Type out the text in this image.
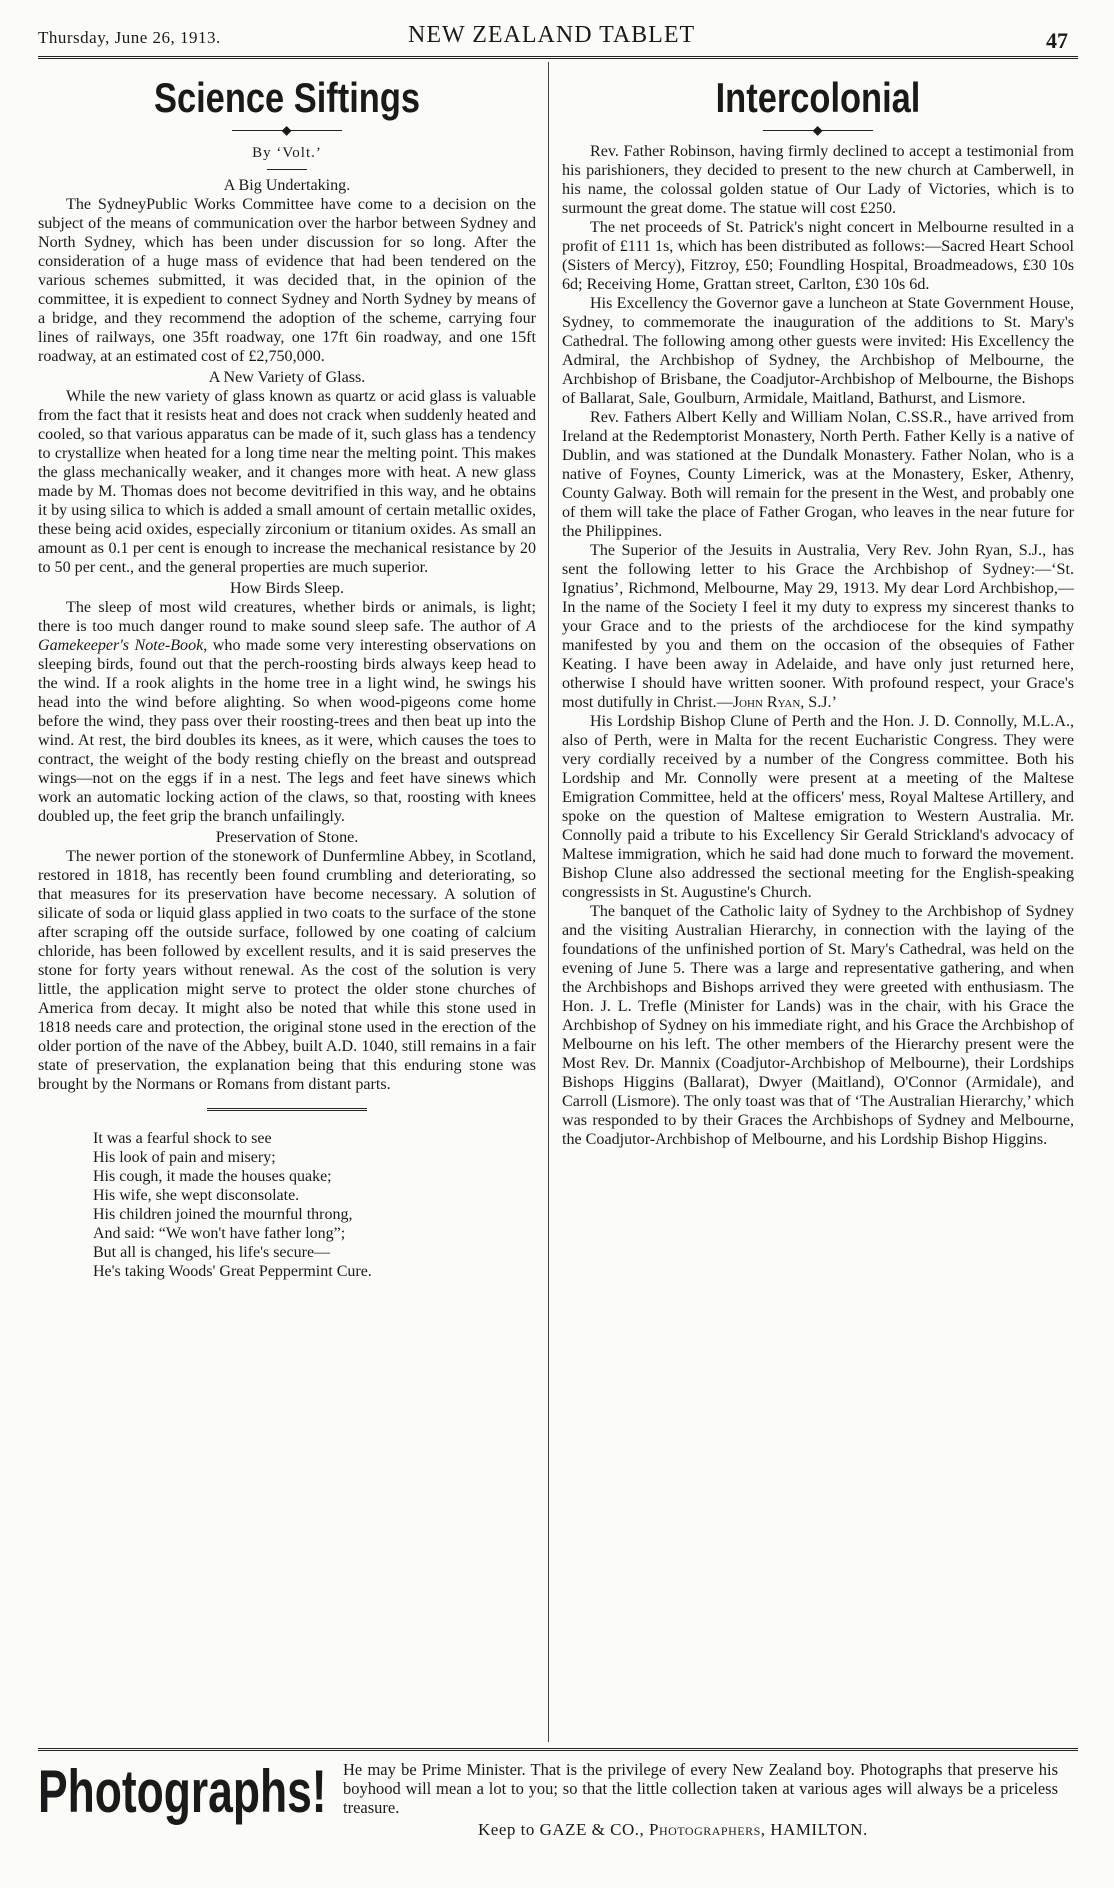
Thursday, June 26, 1913.	NEW ZEALAND TABLET	47
Science Siftings
◆
By ‘Volt.’
A Big Undertaking.

The SydneyPublic Works Committee have come to a decision on the subject of the means of communication over the harbor between Sydney and North Sydney, which has been under discussion for so long. After the consideration of a huge mass of evidence that had been tendered on the various schemes submitted, it was decided that, in the opinion of the committee, it is expedient to connect Sydney and North Sydney by means of a bridge, and they recommend the adoption of the scheme, carrying four lines of railways, one 35ft roadway, one 17ft 6in roadway, and one 15ft roadway, at an estimated cost of £2,750,000.

A New Variety of Glass.

While the new variety of glass known as quartz or acid glass is valuable from the fact that it resists heat and does not crack when suddenly heated and cooled, so that various apparatus can be made of it, such glass has a tendency to crystallize when heated for a long time near the melting point. This makes the glass mechanically weaker, and it changes more with heat. A new glass made by M. Thomas does not become devitrified in this way, and he obtains it by using silica to which is added a small amount of certain metallic oxides, these being acid oxides, especially zirconium or titanium oxides. As small an amount as 0.1 per cent is enough to increase the mechanical resistance by 20 to 50 per cent., and the general properties are much superior.

How Birds Sleep.

The sleep of most wild creatures, whether birds or animals, is light; there is too much danger round to make sound sleep safe. The author of A Gamekeeper's Note-Book, who made some very interesting observations on sleeping birds, found out that the perch-roosting birds always keep head to the wind. If a rook alights in the home tree in a light wind, he swings his head into the wind before alighting. So when wood-pigeons come home before the wind, they pass over their roosting-trees and then beat up into the wind. At rest, the bird doubles its knees, as it were, which causes the toes to contract, the weight of the body resting chiefly on the breast and outspread wings—not on the eggs if in a nest. The legs and feet have sinews which work an automatic locking action of the claws, so that, roosting with knees doubled up, the feet grip the branch unfailingly.

Preservation of Stone.

The newer portion of the stonework of Dunfermline Abbey, in Scotland, restored in 1818, has recently been found crumbling and deteriorating, so that measures for its preservation have become necessary. A solution of silicate of soda or liquid glass applied in two coats to the surface of the stone after scraping off the outside surface, followed by one coating of calcium chloride, has been followed by excellent results, and it is said preserves the stone for forty years without renewal. As the cost of the solution is very little, the application might serve to protect the older stone churches of America from decay. It might also be noted that while this stone used in 1818 needs care and protection, the original stone used in the erection of the older portion of the nave of the Abbey, built A.D. 1040, still remains in a fair state of preservation, the explanation being that this enduring stone was brought by the Normans or Romans from distant parts.

It was a fearful shock to see
His look of pain and misery;
His cough, it made the houses quake;
His wife, she wept disconsolate.
His children joined the mournful throng,
And said: “We won't have father long”;
But all is changed, his life's secure—
He's taking Woods' Great Peppermint Cure.
Intercolonial
◆

Rev. Father Robinson, having firmly declined to accept a testimonial from his parishioners, they decided to present to the new church at Camberwell, in his name, the colossal golden statue of Our Lady of Victories, which is to surmount the great dome. The statue will cost £250.

The net proceeds of St. Patrick's night concert in Melbourne resulted in a profit of £111 1s, which has been distributed as follows:—Sacred Heart School (Sisters of Mercy), Fitzroy, £50; Foundling Hospital, Broadmeadows, £30 10s 6d; Receiving Home, Grattan street, Carlton, £30 10s 6d.

His Excellency the Governor gave a luncheon at State Government House, Sydney, to commemorate the inauguration of the additions to St. Mary's Cathedral. The following among other guests were invited: His Excellency the Admiral, the Archbishop of Sydney, the Archbishop of Melbourne, the Archbishop of Brisbane, the Coadjutor-Archbishop of Melbourne, the Bishops of Ballarat, Sale, Goulburn, Armidale, Maitland, Bathurst, and Lismore.

Rev. Fathers Albert Kelly and William Nolan, C.SS.R., have arrived from Ireland at the Redemptorist Monastery, North Perth. Father Kelly is a native of Dublin, and was stationed at the Dundalk Monastery. Father Nolan, who is a native of Foynes, County Limerick, was at the Monastery, Esker, Athenry, County Galway. Both will remain for the present in the West, and probably one of them will take the place of Father Grogan, who leaves in the near future for the Philippines.

The Superior of the Jesuits in Australia, Very Rev. John Ryan, S.J., has sent the following letter to his Grace the Archbishop of Sydney:—‘St. Ignatius’, Richmond, Melbourne, May 29, 1913. My dear Lord Archbishop,—In the name of the Society I feel it my duty to express my sincerest thanks to your Grace and to the priests of the archdiocese for the kind sympathy manifested by you and them on the occasion of the obsequies of Father Keating. I have been away in Adelaide, and have only just returned here, otherwise I should have written sooner. With profound respect, your Grace's most dutifully in Christ.—John Ryan, S.J.’

His Lordship Bishop Clune of Perth and the Hon. J. D. Connolly, M.L.A., also of Perth, were in Malta for the recent Eucharistic Congress. They were very cordially received by a number of the Congress committee. Both his Lordship and Mr. Connolly were present at a meeting of the Maltese Emigration Committee, held at the officers' mess, Royal Maltese Artillery, and spoke on the question of Maltese emigration to Western Australia. Mr. Connolly paid a tribute to his Excellency Sir Gerald Strickland's advocacy of Maltese immigration, which he said had done much to forward the movement. Bishop Clune also addressed the sectional meeting for the English-speaking congressists in St. Augustine's Church.

The banquet of the Catholic laity of Sydney to the Archbishop of Sydney and the visiting Australian Hierarchy, in connection with the laying of the foundations of the unfinished portion of St. Mary's Cathedral, was held on the evening of June 5. There was a large and representative gathering, and when the Archbishops and Bishops arrived they were greeted with enthusiasm. The Hon. J. L. Trefle (Minister for Lands) was in the chair, with his Grace the Archbishop of Sydney on his immediate right, and his Grace the Archbishop of Melbourne on his left. The other members of the Hierarchy present were the Most Rev. Dr. Mannix (Coadjutor-Archbishop of Melbourne), their Lordships Bishops Higgins (Ballarat), Dwyer (Maitland), O'Connor (Armidale), and Carroll (Lismore). The only toast was that of ‘The Australian Hierarchy,’ which was responded to by their Graces the Archbishops of Sydney and Melbourne, the Coadjutor-Archbishop of Melbourne, and his Lordship Bishop Higgins.

Photographs! He may be Prime Minister. That is the privilege of every New Zealand boy. Photographs that preserve his boyhood will mean a lot to you; so that the little collection taken at various ages will always be a priceless treasure.
Keep to GAZE & CO., Photographers, HAMILTON.
